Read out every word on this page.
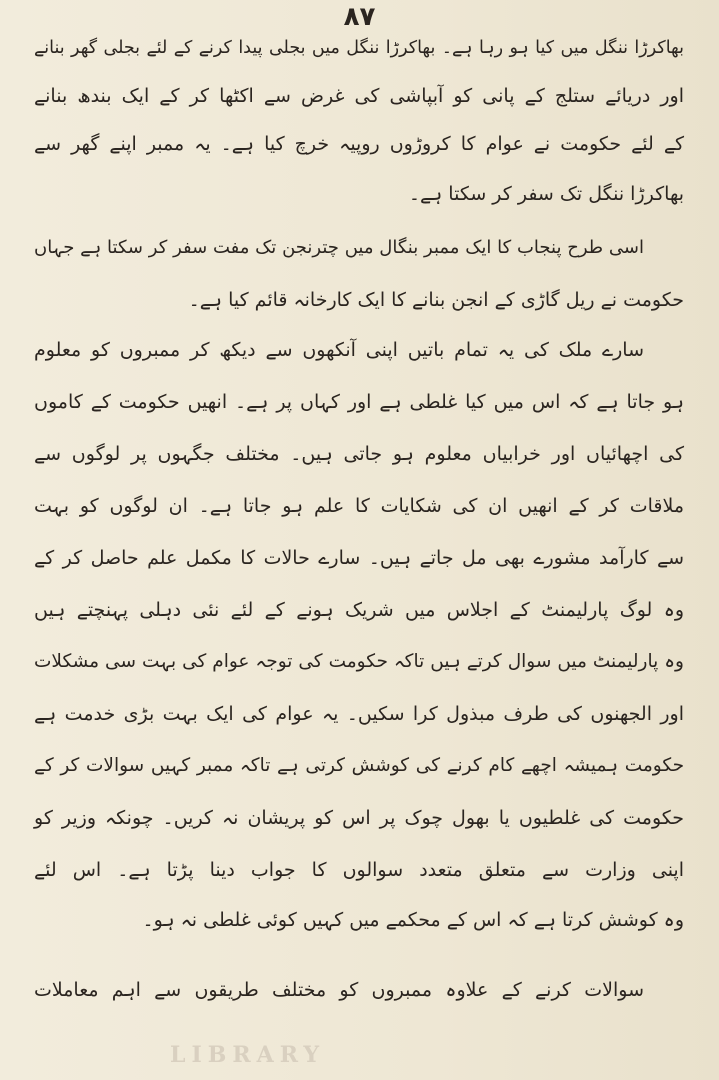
۸۷
بھاکرڑا ننگل میں کیا ہو رہا ہے۔ بھاکرڑا ننگل میں بجلی پیدا کرنے کے لئے بجلی گھر بنانے
اور دریائے ستلج کے پانی کو آبپاشی کی غرض سے اکٹھا کر کے ایک بندھ بنانے
کے لئے حکومت نے عوام کا کروڑوں روپیہ خرچ کیا ہے۔ یہ ممبر اپنے گھر سے
بھاکرڑا ننگل تک سفر کر سکتا ہے۔
اسی طرح پنجاب کا ایک ممبر بنگال میں چترنجن تک مفت سفر کر سکتا ہے جہاں
حکومت نے ریل گاڑی کے انجن بنانے کا ایک کارخانہ قائم کیا ہے۔
سارے ملک کی یہ تمام باتیں اپنی آنکھوں سے دیکھ کر ممبروں کو معلوم
ہو جاتا ہے کہ اس میں کیا غلطی ہے اور کہاں پر ہے۔ انھیں حکومت کے کاموں
کی اچھائیاں اور خرابیاں معلوم ہو جاتی ہیں۔ مختلف جگہوں پر لوگوں سے
ملاقات کر کے انھیں ان کی شکایات کا علم ہو جاتا ہے۔ ان لوگوں کو بہت
سے کارآمد مشورے بھی مل جاتے ہیں۔ سارے حالات کا مکمل علم حاصل کر کے
وہ لوگ پارلیمنٹ کے اجلاس میں شریک ہونے کے لئے نئی دہلی پہنچتے ہیں
وہ پارلیمنٹ میں سوال کرتے ہیں تاکہ حکومت کی توجہ عوام کی بہت سی مشکلات
اور الجھنوں کی طرف مبذول کرا سکیں۔ یہ عوام کی ایک بہت بڑی خدمت ہے
حکومت ہمیشہ اچھے کام کرنے کی کوشش کرتی ہے تاکہ ممبر کہیں سوالات کر کے
حکومت کی غلطیوں یا بھول چوک پر اس کو پریشان نہ کریں۔ چونکہ وزیر کو
اپنی وزارت سے متعلق متعدد سوالوں کا جواب دینا پڑتا ہے۔ اس لئے
وہ کوشش کرتا ہے کہ اس کے محکمے میں کہیں کوئی غلطی نہ ہو۔
سوالات کرنے کے علاوہ ممبروں کو مختلف طریقوں سے اہم معاملات
LIBRARY
